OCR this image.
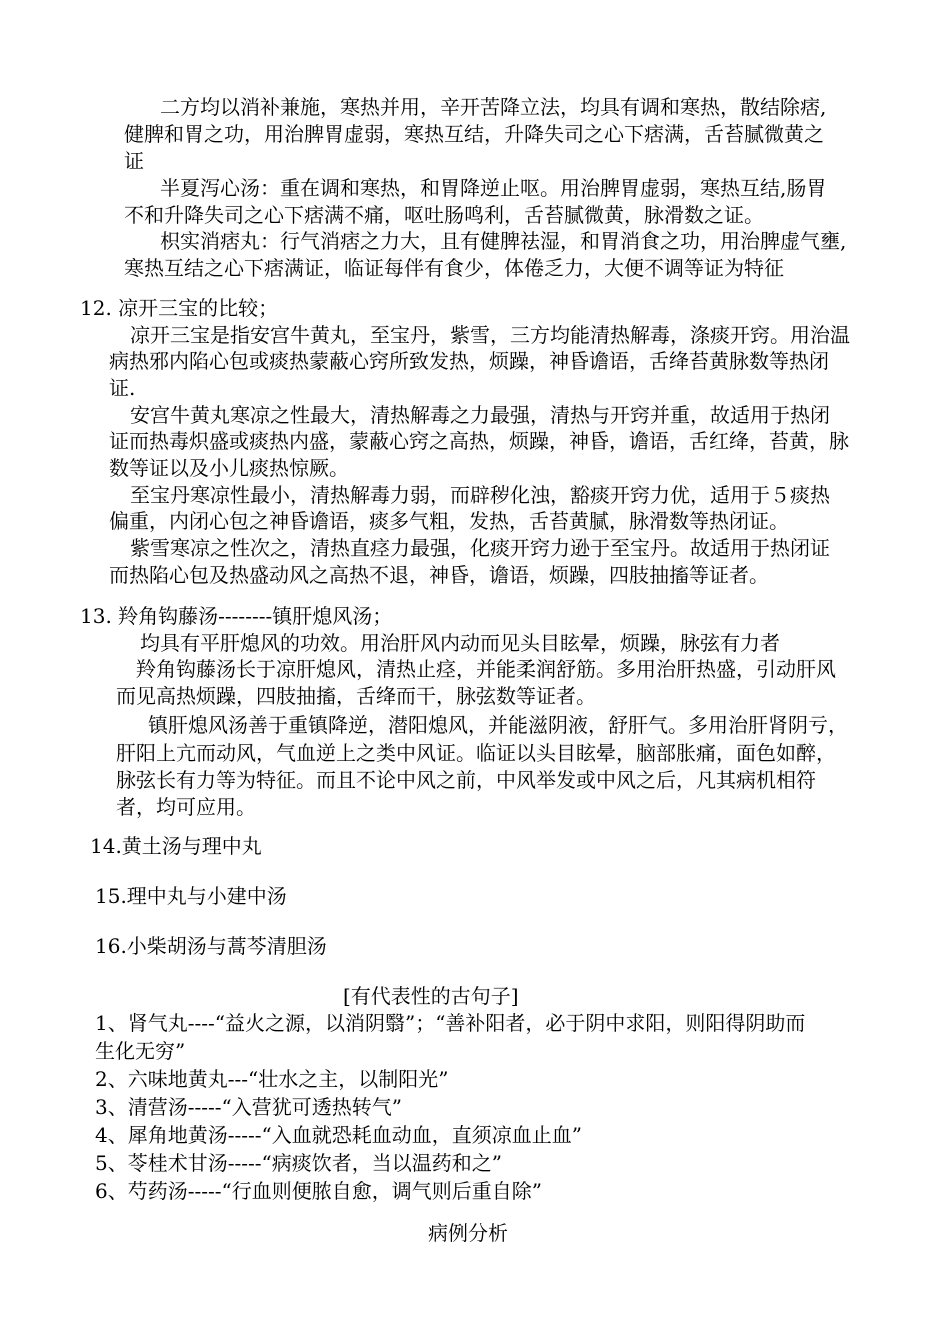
二方均以消补兼施，寒热并用，辛开苦降立法，均具有调和寒热，散结除痞,
健脾和胃之功，用治脾胃虚弱，寒热互结，升降失司之心下痞满，舌苔腻微黄之
证
半夏泻心汤：重在调和寒热，和胃降逆止呕。用治脾胃虚弱，寒热互结,肠胃
不和升降失司之心下痞满不痛，呕吐肠鸣利，舌苔腻微黄，脉滑数之证。
枳实消痞丸：行气消痞之力大，且有健脾祛湿，和胃消食之功，用治脾虚气壅,
寒热互结之心下痞满证，临证每伴有食少，体倦乏力，大便不调等证为特征
12. 凉开三宝的比较；
凉开三宝是指安宫牛黄丸，至宝丹，紫雪，三方均能清热解毒，涤痰开窍。用治温
病热邪内陷心包或痰热蒙蔽心窍所致发热，烦躁，神昏谵语，舌绛苔黄脉数等热闭
证.
安宫牛黄丸寒凉之性最大，清热解毒之力最强，清热与开窍并重，故适用于热闭
证而热毒炽盛或痰热内盛，蒙蔽心窍之高热，烦躁，神昏，谵语，舌红绛，苔黄，脉
数等证以及小儿痰热惊厥。
至宝丹寒凉性最小，清热解毒力弱，而辟秽化浊，豁痰开窍力优，适用于５痰热
偏重，内闭心包之神昏谵语，痰多气粗，发热，舌苔黄腻，脉滑数等热闭证。
紫雪寒凉之性次之，清热直痉力最强，化痰开窍力逊于至宝丹。故适用于热闭证
而热陷心包及热盛动风之高热不退，神昏，谵语，烦躁，四肢抽搐等证者。
13. 羚角钩藤汤--------镇肝熄风汤；
均具有平肝熄风的功效。用治肝风内动而见头目眩晕，烦躁，脉弦有力者
羚角钩藤汤长于凉肝熄风，清热止痉，并能柔润舒筋。多用治肝热盛，引动肝风
而见高热烦躁，四肢抽搐，舌绛而干，脉弦数等证者。
镇肝熄风汤善于重镇降逆，潜阳熄风，并能滋阴液，舒肝气。多用治肝肾阴亏，
肝阳上亢而动风，气血逆上之类中风证。临证以头目眩晕，脑部胀痛，面色如醉，
脉弦长有力等为特征。而且不论中风之前，中风举发或中风之后，凡其病机相符
者，均可应用。
14.黄土汤与理中丸
15.理中丸与小建中汤
16.小柴胡汤与蒿芩清胆汤
[有代表性的古句子]
1、肾气丸----“益火之源，以消阴翳”；“善补阳者，必于阴中求阳，则阳得阴助而
生化无穷”
2、六味地黄丸---“壮水之主，以制阳光”
3、清营汤-----“入营犹可透热转气”
4、犀角地黄汤-----“入血就恐耗血动血，直须凉血止血”
5、苓桂术甘汤-----“病痰饮者，当以温药和之”
6、芍药汤-----“行血则便脓自愈，调气则后重自除”
病例分析
